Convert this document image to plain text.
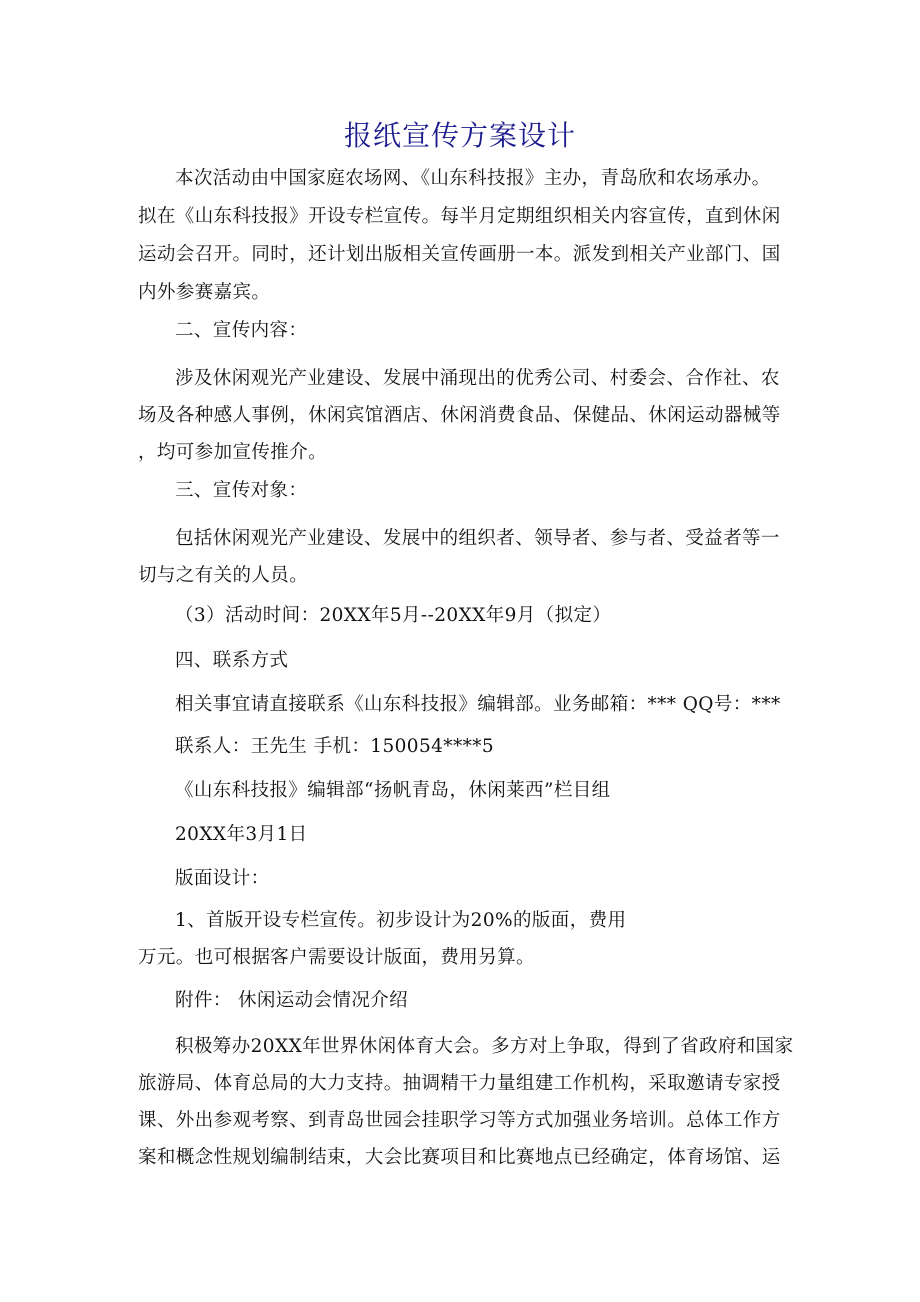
报纸宣传方案设计
本次活动由中国家庭农场网、《山东科技报》主办，青岛欣和农场承办。
拟在《山东科技报》开设专栏宣传。每半月定期组织相关内容宣传，直到休闲
运动会召开。同时，还计划出版相关宣传画册一本。派发到相关产业部门、国
内外参赛嘉宾。
二、宣传内容：
涉及休闲观光产业建设、发展中涌现出的优秀公司、村委会、合作社、农
场及各种感人事例，休闲宾馆酒店、休闲消费食品、保健品、休闲运动器械等
，均可参加宣传推介。
三、宣传对象：
包括休闲观光产业建设、发展中的组织者、领导者、参与者、受益者等一
切与之有关的人员。
（3）活动时间：20XX年5月--20XX年9月（拟定）
四、联系方式
相关事宜请直接联系《山东科技报》编辑部。业务邮箱：*** QQ号：***
联系人：王先生 手机：150054****5
《山东科技报》编辑部“扬帆青岛，休闲莱西”栏目组
20XX年3月1日
版面设计：
1、首版开设专栏宣传。初步设计为20%的版面，费用
万元。也可根据客户需要设计版面，费用另算。
附件： 休闲运动会情况介绍
积极筹办20XX年世界休闲体育大会。多方对上争取，得到了省政府和国家
旅游局、体育总局的大力支持。抽调精干力量组建工作机构，采取邀请专家授
课、外出参观考察、到青岛世园会挂职学习等方式加强业务培训。总体工作方
案和概念性规划编制结束，大会比赛项目和比赛地点已经确定，体育场馆、运
